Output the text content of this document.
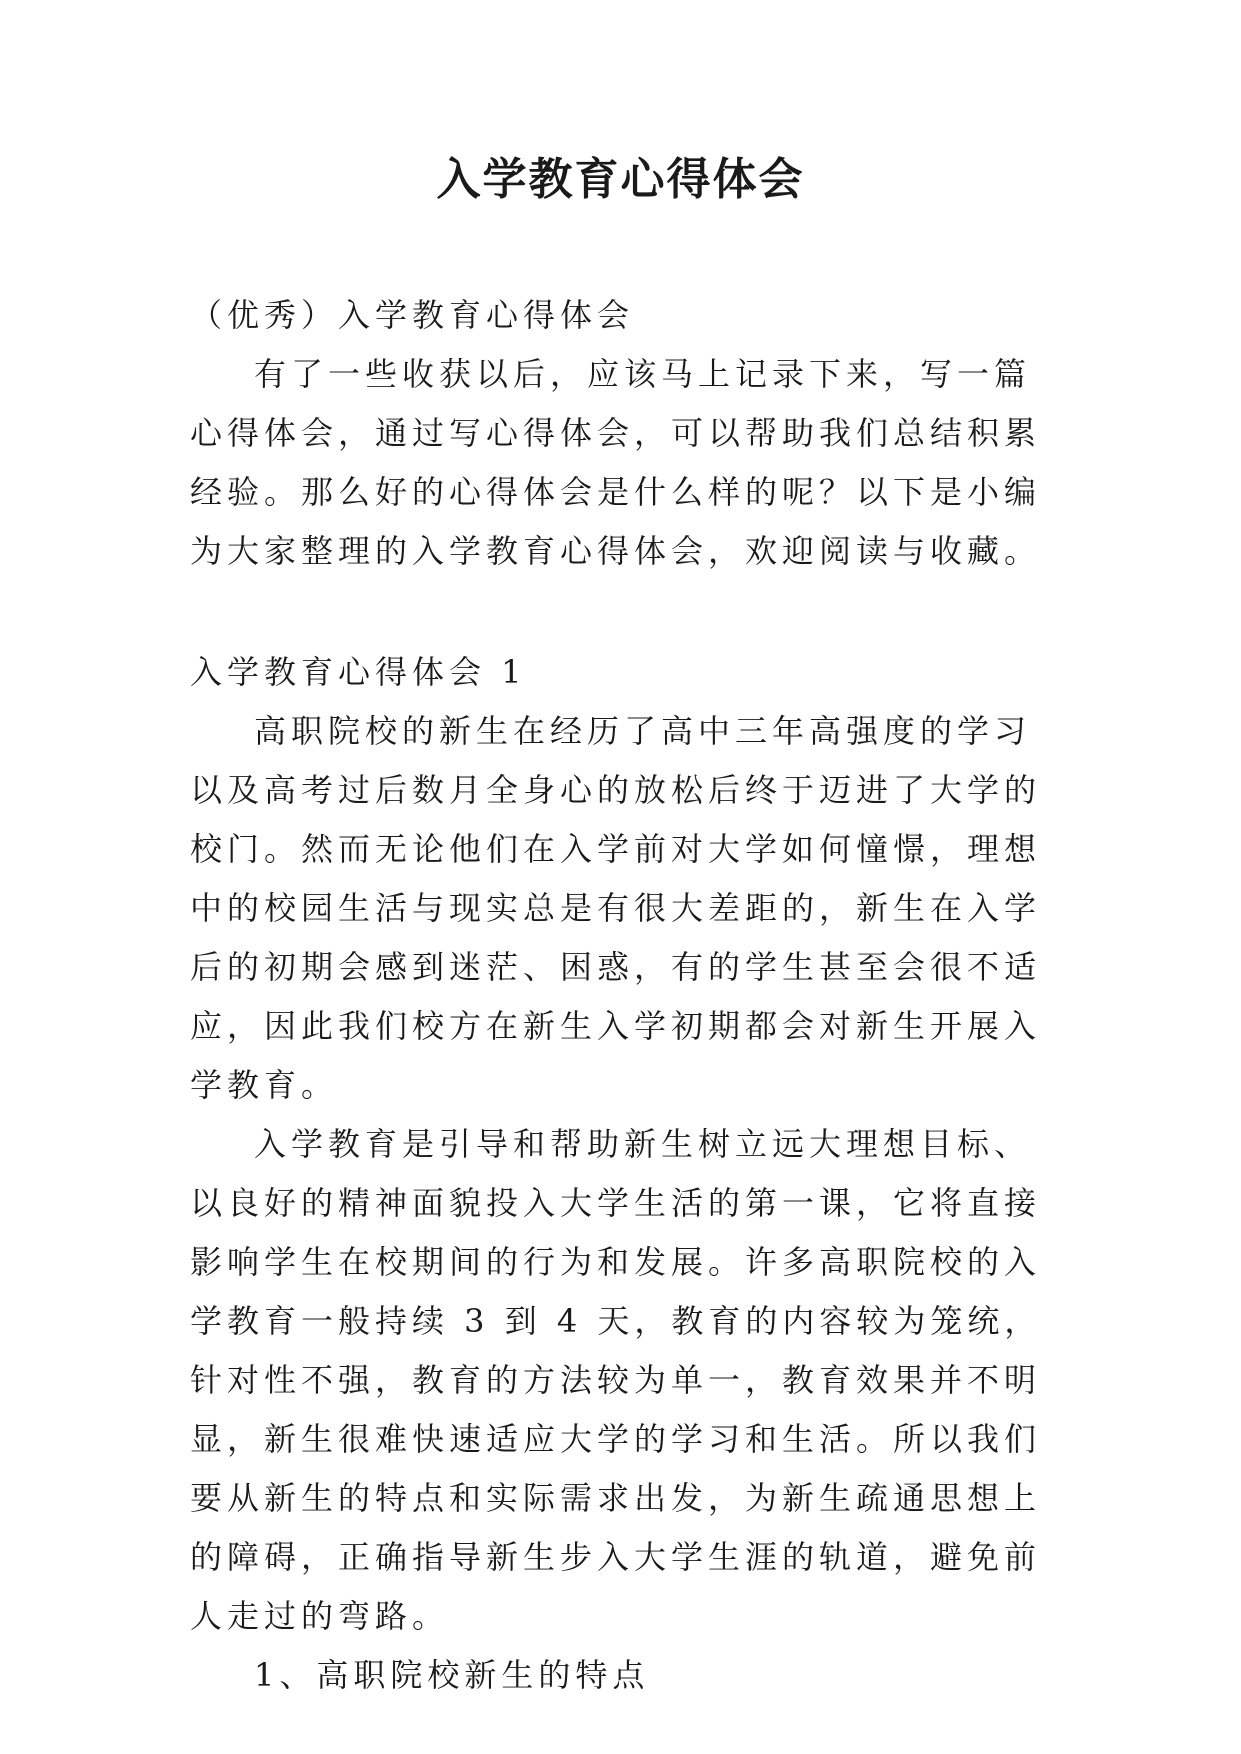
入学教育心得体会

（优秀）入学教育心得体会

有了一些收获以后，应该马上记录下来，写一篇心得体会，通过写心得体会，可以帮助我们总结积累经验。那么好的心得体会是什么样的呢？以下是小编为大家整理的入学教育心得体会，欢迎阅读与收藏。

入学教育心得体会 1

高职院校的新生在经历了高中三年高强度的学习以及高考过后数月全身心的放松后终于迈进了大学的校门。然而无论他们在入学前对大学如何憧憬，理想中的校园生活与现实总是有很大差距的，新生在入学后的初期会感到迷茫、困惑，有的学生甚至会很不适应，因此我们校方在新生入学初期都会对新生开展入学教育。

入学教育是引导和帮助新生树立远大理想目标、以良好的精神面貌投入大学生活的第一课，它将直接影响学生在校期间的行为和发展。许多高职院校的入学教育一般持续 3 到 4 天，教育的内容较为笼统，针对性不强，教育的方法较为单一，教育效果并不明显，新生很难快速适应大学的学习和生活。所以我们要从新生的特点和实际需求出发，为新生疏通思想上的障碍，正确指导新生步入大学生涯的轨道，避免前人走过的弯路。

1、高职院校新生的特点
